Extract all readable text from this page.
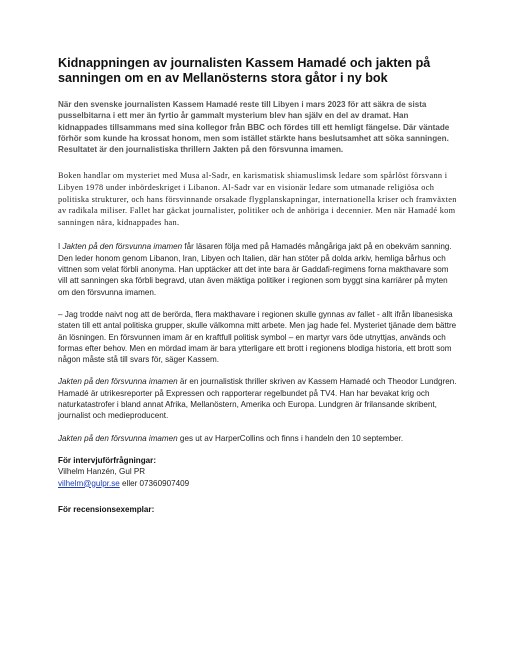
Kidnappningen av journalisten Kassem Hamadé och jakten på sanningen om en av Mellanösterns stora gåtor i ny bok

När den svenske journalisten Kassem Hamadé reste till Libyen i mars 2023 för att säkra de sista pusselbitarna i ett mer än fyrtio år gammalt mysterium blev han själv en del av dramat. Han kidnappades tillsammans med sina kollegor från BBC och fördes till ett hemligt fängelse. Där väntade förhör som kunde ha krossat honom, men som istället stärkte hans beslutsamhet att söka sanningen. Resultatet är den journalistiska thrillern Jakten på den försvunna imamen.

Boken handlar om mysteriet med Musa al-Sadr, en karismatisk shiamuslimsk ledare som spårlöst försvann i Libyen 1978 under inbördeskriget i Libanon. Al-Sadr var en visionär ledare som utmanade religiösa och politiska strukturer, och hans försvinnande orsakade flygplanskapningar, internationella kriser och framväxten av radikala miliser. Fallet har gäckat journalister, politiker och de anhöriga i decennier. Men när Hamadé kom sanningen nära, kidnappades han.

I Jakten på den försvunna imamen får läsaren följa med på Hamadés mångåriga jakt på en obekväm sanning. Den leder honom genom Libanon, Iran, Libyen och Italien, där han stöter på dolda arkiv, hemliga bårhus och vittnen som velat förbli anonyma. Han upptäcker att det inte bara är Gaddafi-regimens forna makthavare som vill att sanningen ska förbli begravd, utan även mäktiga politiker i regionen som byggt sina karriärer på myten om den försvunna imamen.

– Jag trodde naivt nog att de berörda, flera makthavare i regionen skulle gynnas av fallet - allt ifrån libanesiska staten till ett antal politiska grupper, skulle välkomna mitt arbete. Men jag hade fel. Mysteriet tjänade dem bättre än lösningen. En försvunnen imam är en kraftfull politisk symbol – en martyr vars öde utnyttjas, används och formas efter behov. Men en mördad imam är bara ytterligare ett brott i regionens blodiga historia, ett brott som någon måste stå till svars för, säger Kassem.

Jakten på den försvunna imamen är en journalistisk thriller skriven av Kassem Hamadé och Theodor Lundgren. Hamadé är utrikesreporter på Expressen och rapporterar regelbundet på TV4. Han har bevakat krig och naturkatastrofer i bland annat Afrika, Mellanöstern, Amerika och Europa. Lundgren är frilansande skribent, journalist och medieproducent.

Jakten på den försvunna imamen ges ut av HarperCollins och finns i handeln den 10 september.

För intervjuförfrågningar:
Vilhelm Hanzén, Gul PR
vilhelm@gulpr.se eller 07360907409
För recensionsexemplar:
